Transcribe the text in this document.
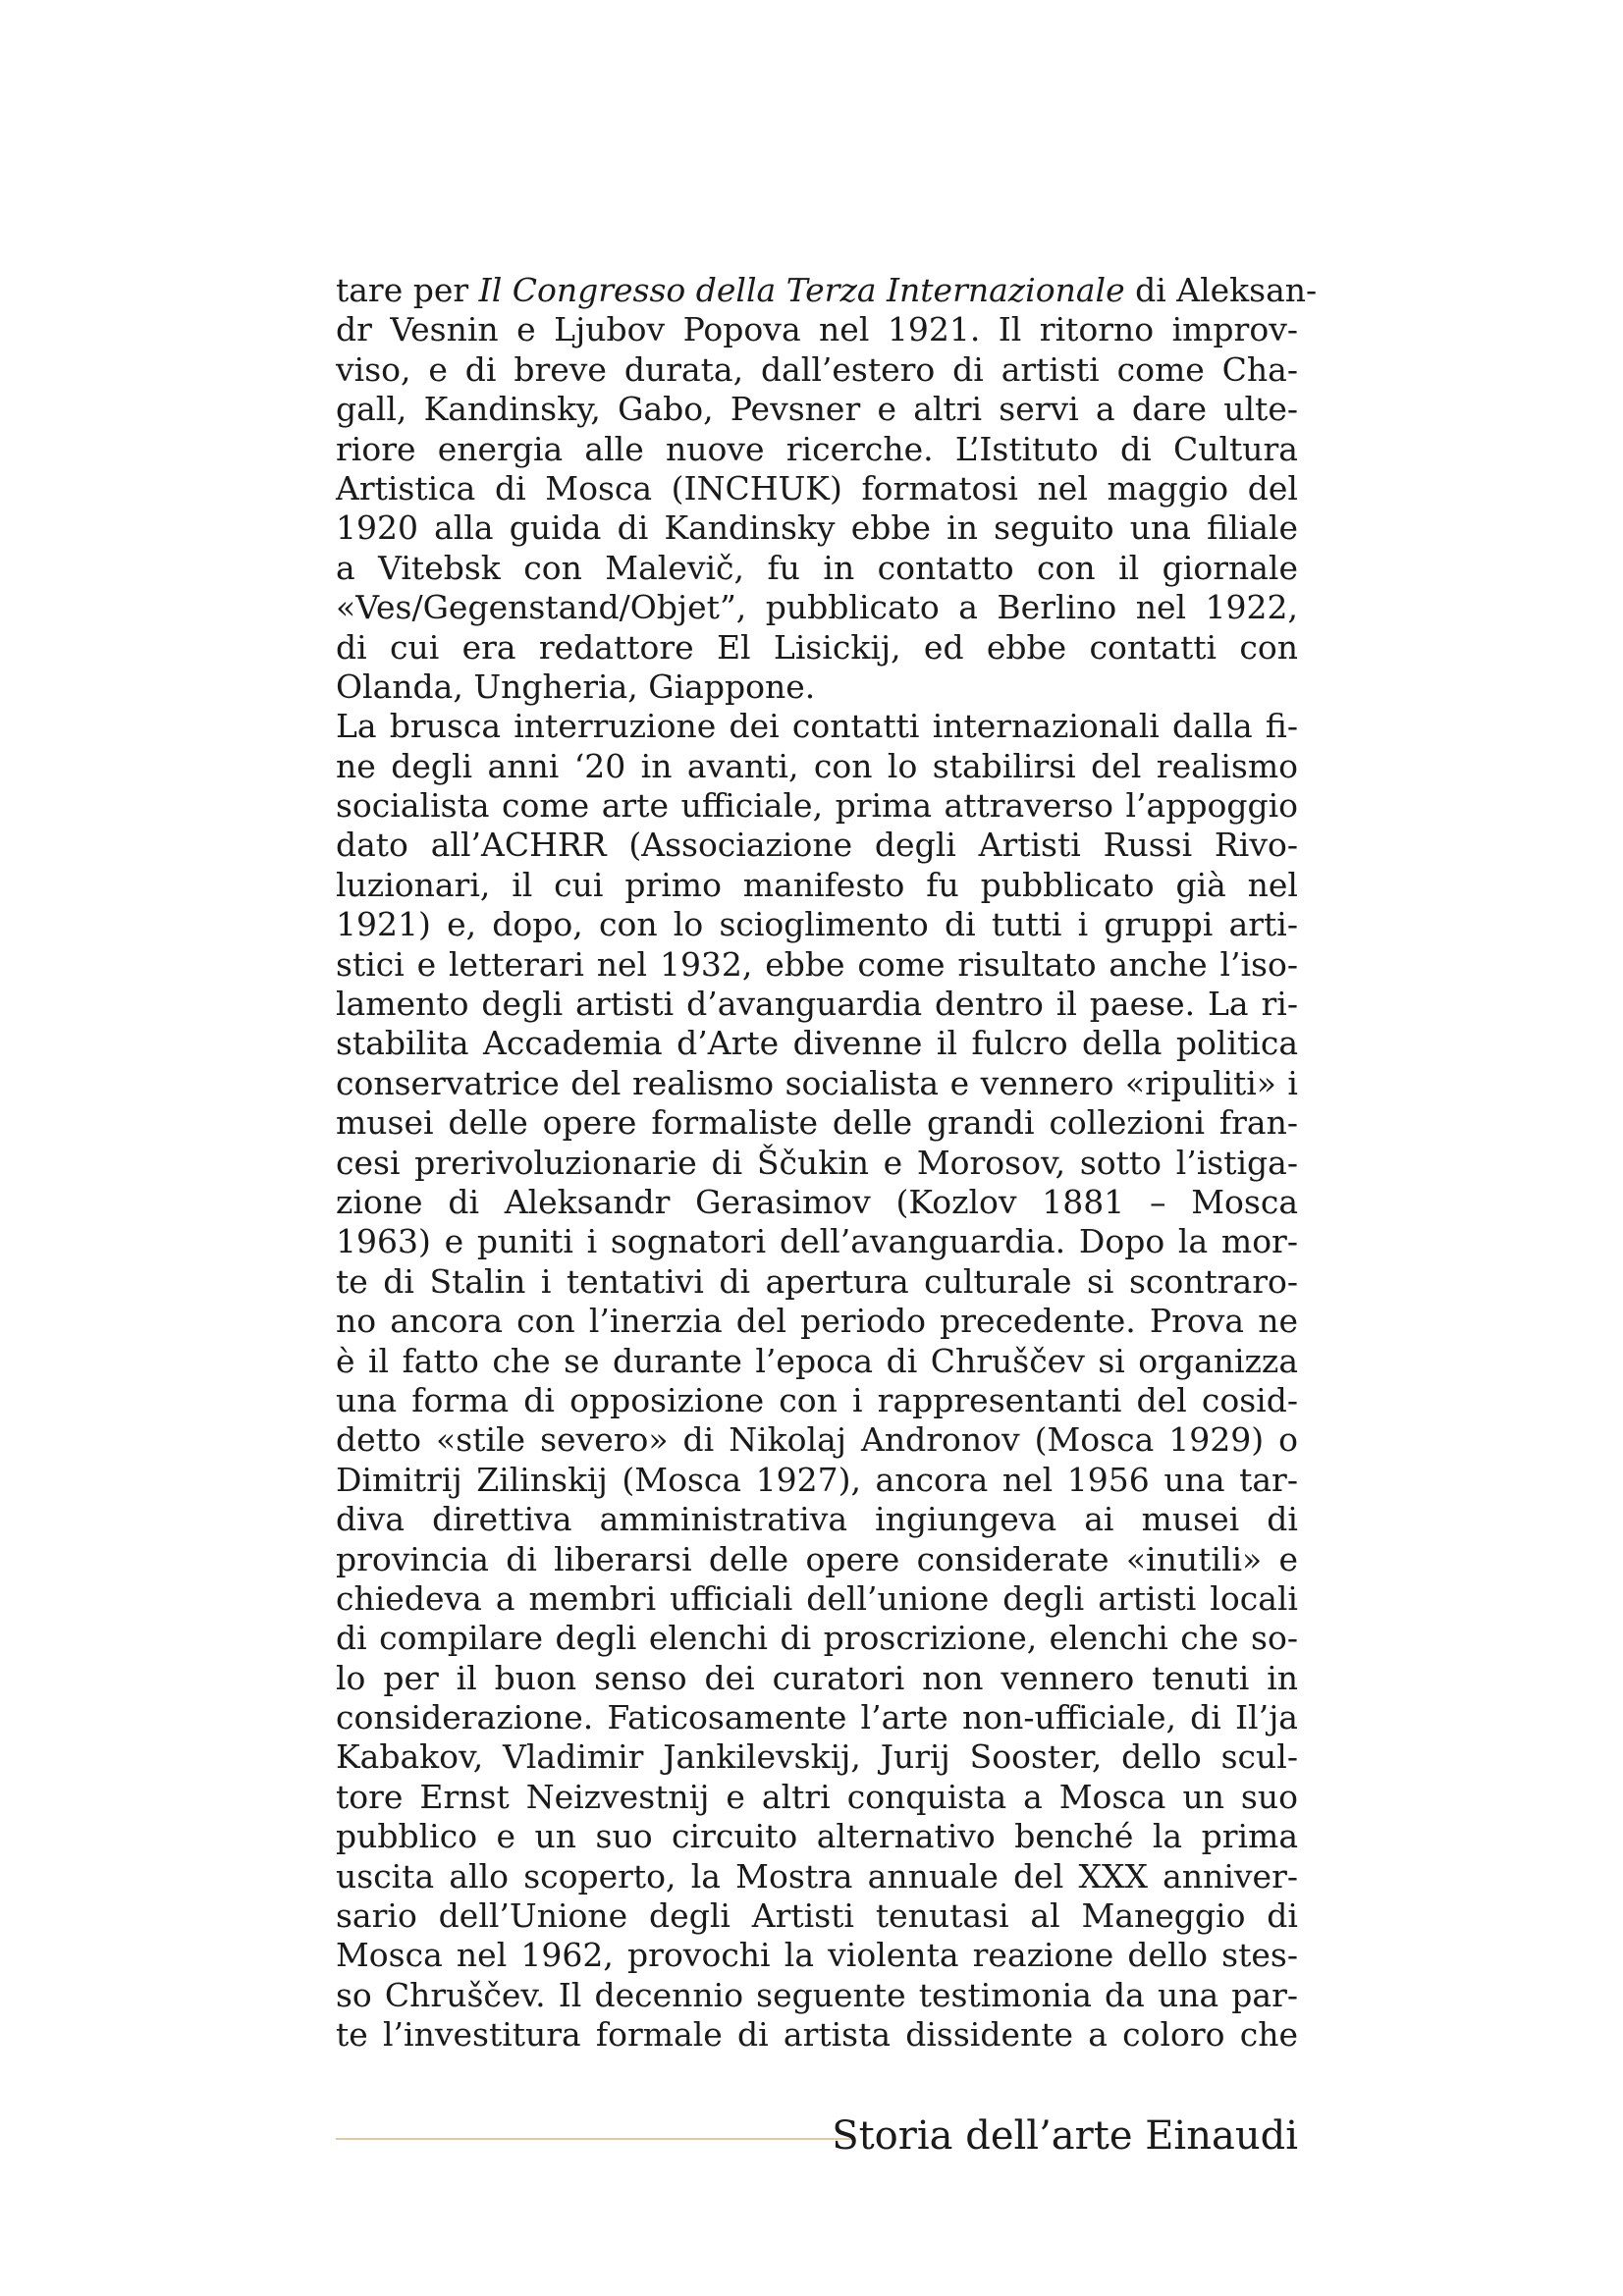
tare per Il Congresso della Terza Internazionale di Aleksan-
dr Vesnin e Ljubov Popova nel 1921. Il ritorno improv-
viso, e di breve durata, dall’estero di artisti come Cha-
gall, Kandinsky, Gabo, Pevsner e altri servi a dare ulte-
riore energia alle nuove ricerche. L’Istituto di Cultura
Artistica di Mosca (INCHUK) formatosi nel maggio del
1920 alla guida di Kandinsky ebbe in seguito una filiale
a Vitebsk con Malevič, fu in contatto con il giornale
«Ves/Gegenstand/Objet”, pubblicato a Berlino nel 1922,
di cui era redattore El Lisickij, ed ebbe contatti con
Olanda, Ungheria, Giappone.
La brusca interruzione dei contatti internazionali dalla fi-
ne degli anni ‘20 in avanti, con lo stabilirsi del realismo
socialista come arte ufficiale, prima attraverso l’appoggio
dato all’ACHRR (Associazione degli Artisti Russi Rivo-
luzionari, il cui primo manifesto fu pubblicato già nel
1921) e, dopo, con lo scioglimento di tutti i gruppi arti-
stici e letterari nel 1932, ebbe come risultato anche l’iso-
lamento degli artisti d’avanguardia dentro il paese. La ri-
stabilita Accademia d’Arte divenne il fulcro della politica
conservatrice del realismo socialista e vennero «ripuliti» i
musei delle opere formaliste delle grandi collezioni fran-
cesi prerivoluzionarie di Ščukin e Morosov, sotto l’istiga-
zione di Aleksandr Gerasimov (Kozlov 1881 – Mosca
1963) e puniti i sognatori dell’avanguardia. Dopo la mor-
te di Stalin i tentativi di apertura culturale si scontraro-
no ancora con l’inerzia del periodo precedente. Prova ne
è il fatto che se durante l’epoca di Chruščev si organizza
una forma di opposizione con i rappresentanti del cosid-
detto «stile severo» di Nikolaj Andronov (Mosca 1929) o
Dimitrij Zilinskij (Mosca 1927), ancora nel 1956 una tar-
diva direttiva amministrativa ingiungeva ai musei di
provincia di liberarsi delle opere considerate «inutili» e
chiedeva a membri ufficiali dell’unione degli artisti locali
di compilare degli elenchi di proscrizione, elenchi che so-
lo per il buon senso dei curatori non vennero tenuti in
considerazione. Faticosamente l’arte non-ufficiale, di Il’ja
Kabakov, Vladimir Jankilevskij, Jurij Sooster, dello scul-
tore Ernst Neizvestnij e altri conquista a Mosca un suo
pubblico e un suo circuito alternativo benché la prima
uscita allo scoperto, la Mostra annuale del XXX anniver-
sario dell’Unione degli Artisti tenutasi al Maneggio di
Mosca nel 1962, provochi la violenta reazione dello stes-
so Chruščev. Il decennio seguente testimonia da una par-
te l’investitura formale di artista dissidente a coloro che
Storia dell’arte Einaudi
